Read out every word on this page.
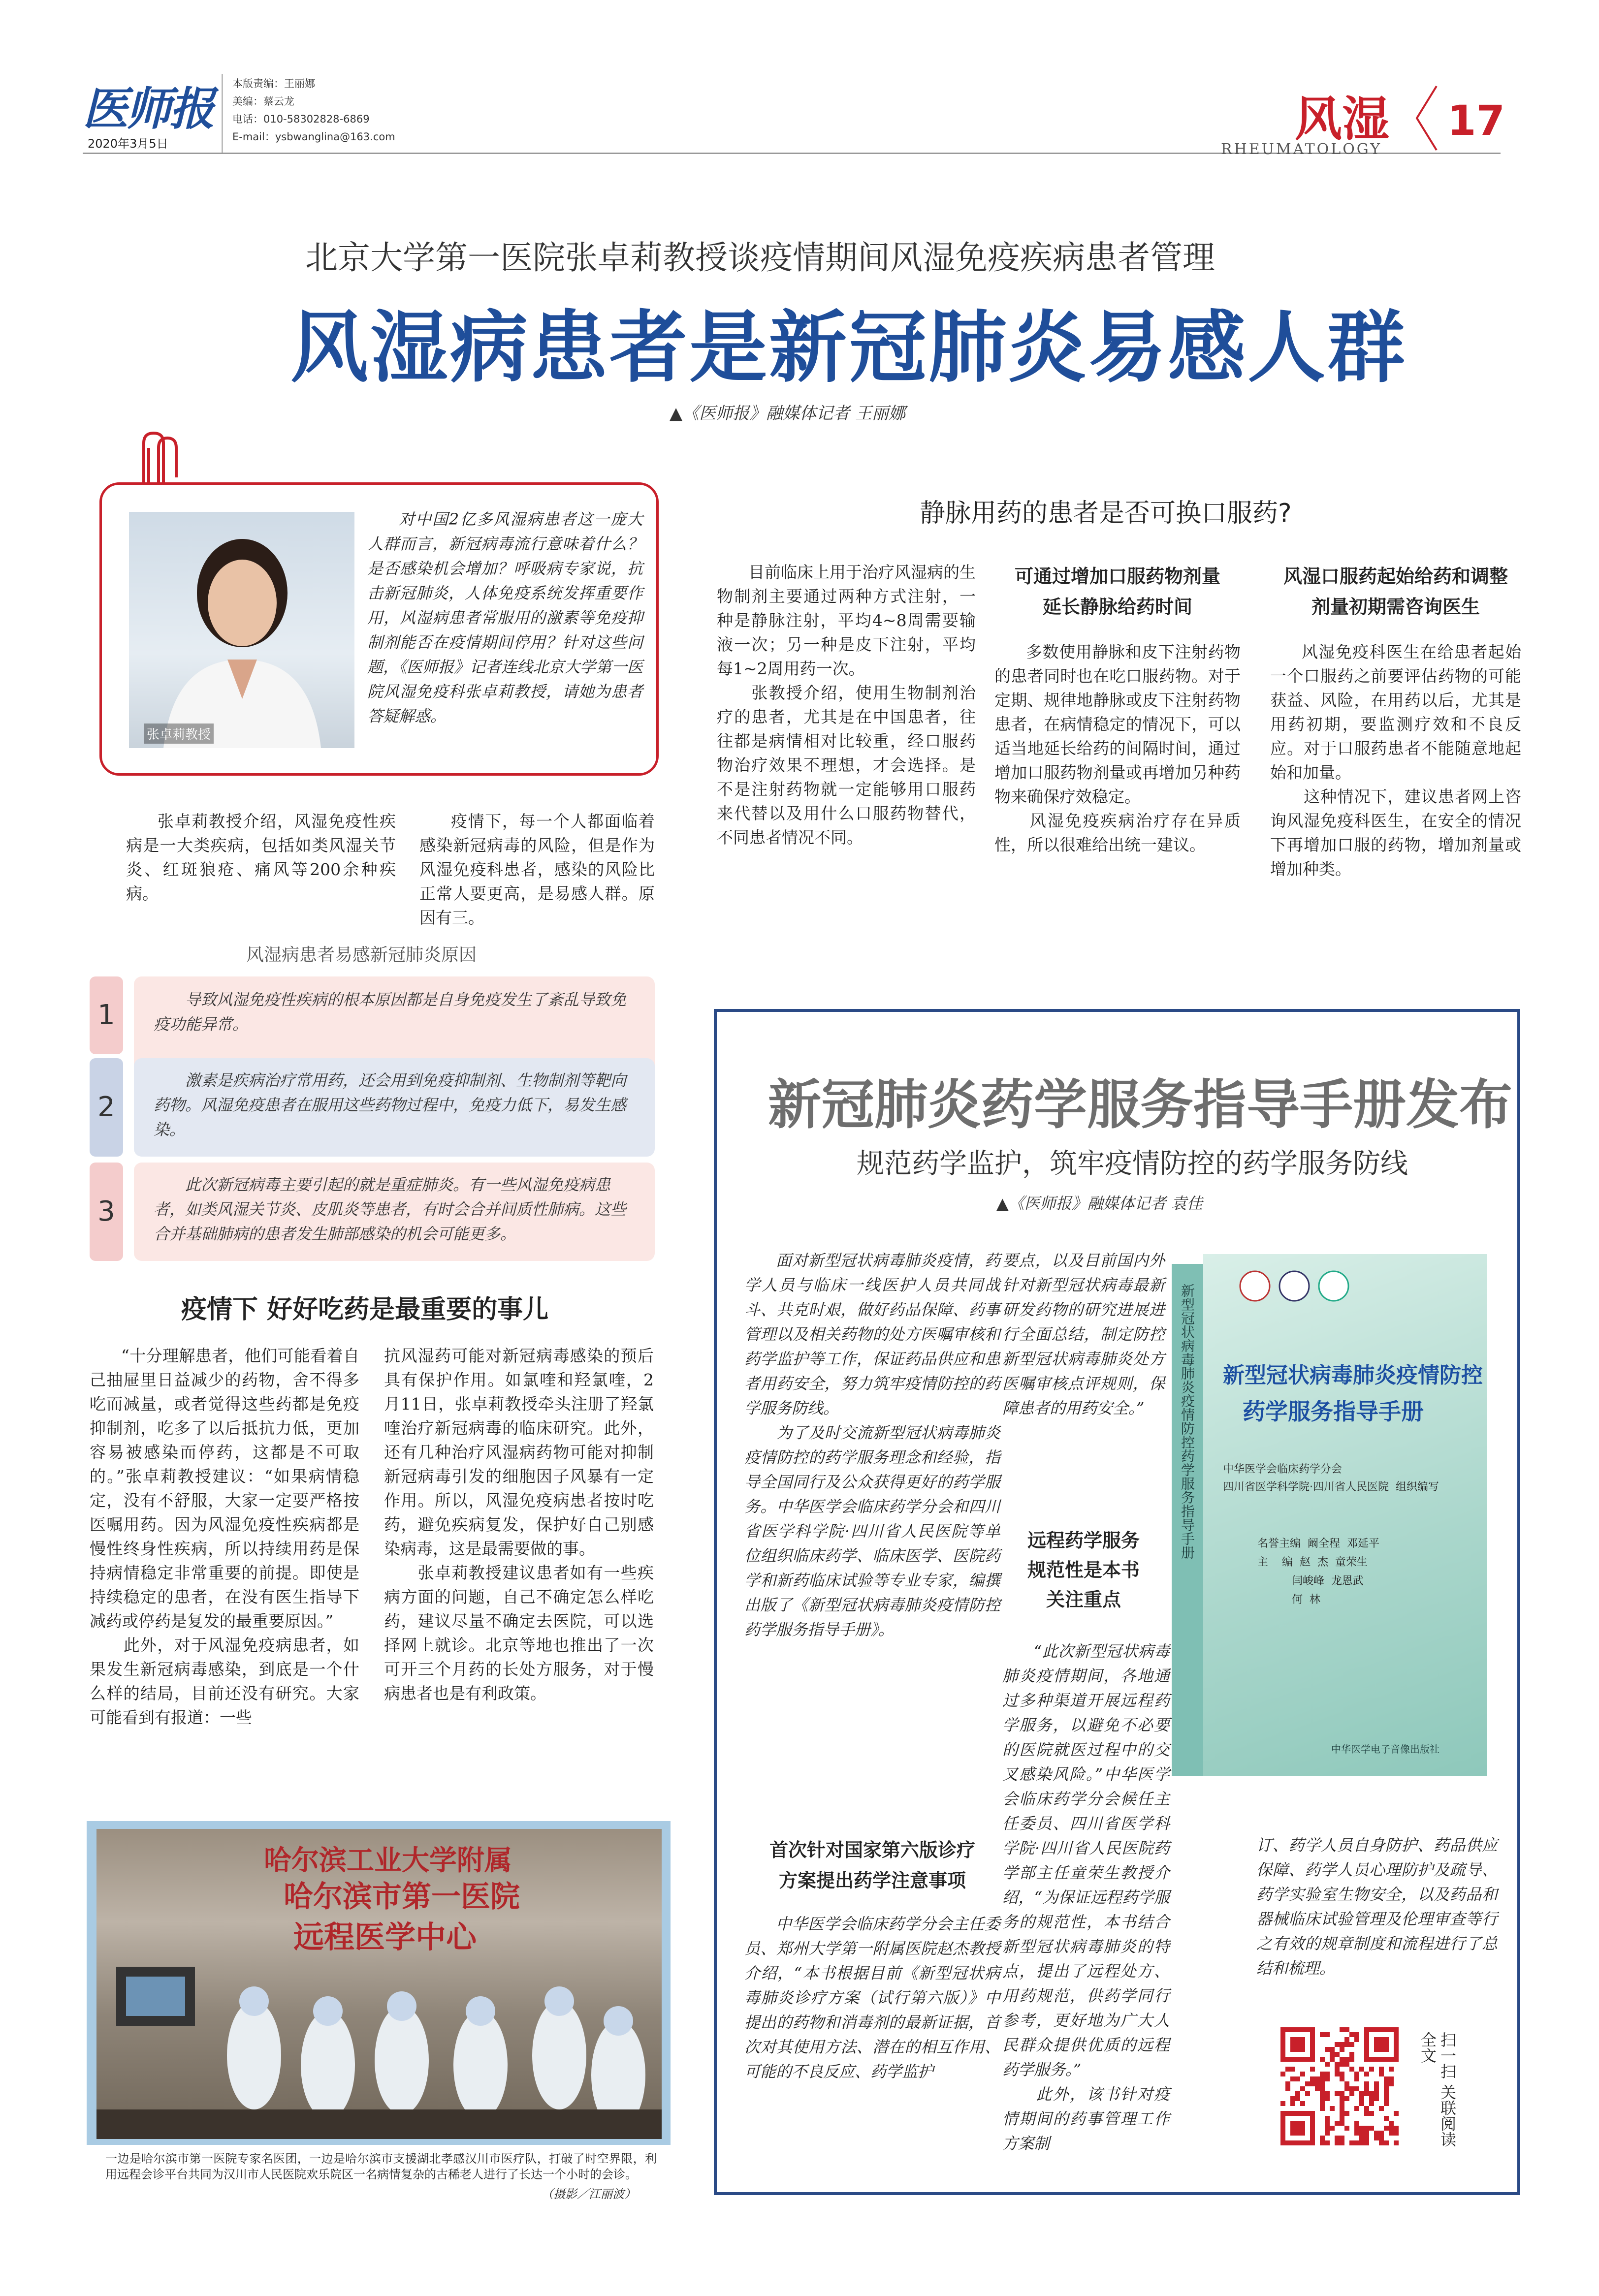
医师报
2020年3月5日
本版责编：王丽娜
美编：蔡云龙
电话：010-58302828-6869
E-mail：ysbwanglina@163.com	风湿
RHEUMATOLOGY
17
北京大学第一医院张卓莉教授谈疫情期间风湿免疫疾病患者管理
风湿病患者是新冠肺炎易感人群
▲《医师报》融媒体记者 王丽娜
张卓莉教授
对中国2亿多风湿病患者这一庞大人群而言，新冠病毒流行意味着什么？是否感染机会增加？呼吸病专家说，抗击新冠肺炎，人体免疫系统发挥重要作用，风湿病患者常服用的激素等免疫抑制剂能否在疫情期间停用？针对这些问题，《医师报》记者连线北京大学第一医院风湿免疫科张卓莉教授，请她为患者答疑解惑。
张卓莉教授介绍，风湿免疫性疾病是一大类疾病，包括如类风湿关节炎、红斑狼疮、痛风等200余种疾病。
疫情下，每一个人都面临着感染新冠病毒的风险，但是作为风湿免疫科患者，感染的风险比正常人要更高，是易感人群。原因有三。
风湿病患者易感新冠肺炎原因
1	导致风湿免疫性疾病的根本原因都是自身免疫发生了紊乱导致免疫功能异常。
2
激素是疾病治疗常用药，还会用到免疫抑制剂、生物制剂等靶向药物。风湿免疫患者在服用这些药物过程中，免疫力低下，易发生感染。
3
此次新冠病毒主要引起的就是重症肺炎。有一些风湿免疫病患者，如类风湿关节炎、皮肌炎等患者，有时会合并间质性肺病。这些合并基础肺病的患者发生肺部感染的机会可能更多。
疫情下 好好吃药是最重要的事儿
“十分理解患者，他们可能看着自己抽屉里日益减少的药物，舍不得多吃而减量，或者觉得这些药都是免疫抑制剂，吃多了以后抵抗力低，更加容易被感染而停药，这都是不可取的。”张卓莉教授建议：“如果病情稳定，没有不舒服，大家一定要严格按医嘱用药。因为风湿免疫性疾病都是慢性终身性疾病，所以持续用药是保持病情稳定非常重要的前提。即使是持续稳定的患者，在没有医生指导下减药或停药是复发的最重要原因。”
　　此外，对于风湿免疫病患者，如果发生新冠病毒感染，到底是一个什么样的结局，目前还没有研究。大家可能看到有报道：一些
抗风湿药可能对新冠病毒感染的预后具有保护作用。如氯喹和羟氯喹，2月11日，张卓莉教授牵头注册了羟氯喹治疗新冠病毒的临床研究。此外，还有几种治疗风湿病药物可能对抑制新冠病毒引发的细胞因子风暴有一定作用。所以，风湿免疫病患者按时吃药，避免疾病复发，保护好自己别感染病毒，这是最需要做的事。
　　张卓莉教授建议患者如有一些疾病方面的问题，自己不确定怎么样吃药，建议尽量不确定去医院，可以选择网上就诊。北京等地也推出了一次可开三个月药的长处方服务，对于慢病患者也是有利政策。
哈尔滨工业大学附属
哈尔滨市第一医院
远程医学中心
一边是哈尔滨市第一医院专家名医团，一边是哈尔滨市支援湖北孝感汉川市医疗队，打破了时空界限，利用远程会诊平台共同为汉川市人民医院欢乐院区一名病情复杂的古稀老人进行了长达一个小时的会诊。
（摄影／江丽波）
静脉用药的患者是否可换口服药?
目前临床上用于治疗风湿病的生物制剂主要通过两种方式注射，一种是静脉注射，平均4~8周需要输液一次；另一种是皮下注射，平均每1~2周用药一次。
　　张教授介绍，使用生物制剂治疗的患者，尤其是在中国患者，往往都是病情相对比较重，经口服药物治疗效果不理想，才会选择。是不是注射药物就一定能够用口服药来代替以及用什么口服药物替代，不同患者情况不同。
可通过增加口服药物剂量
延长静脉给药时间
多数使用静脉和皮下注射药物的患者同时也在吃口服药物。对于定期、规律地静脉或皮下注射药物患者，在病情稳定的情况下，可以适当地延长给药的间隔时间，通过增加口服药物剂量或再增加另种药物来确保疗效稳定。
　　风湿免疫疾病治疗存在异质性，所以很难给出统一建议。
风湿口服药起始给药和调整
剂量初期需咨询医生
风湿免疫科医生在给患者起始一个口服药之前要评估药物的可能获益、风险，在用药以后，尤其是用药初期，要监测疗效和不良反应。对于口服药患者不能随意地起始和加量。
　　这种情况下，建议患者网上咨询风湿免疫科医生，在安全的情况下再增加口服的药物，增加剂量或增加种类。
新冠肺炎药学服务指导手册发布
规范药学监护，筑牢疫情防控的药学服务防线
▲《医师报》融媒体记者 袁佳
面对新型冠状病毒肺炎疫情，药学人员与临床一线医护人员共同战斗、共克时艰，做好药品保障、药事管理以及相关药物的处方医嘱审核和药学监护等工作，保证药品供应和患者用药安全，努力筑牢疫情防控的药学服务防线。
　　为了及时交流新型冠状病毒肺炎疫情防控的药学服务理念和经验，指导全国同行及公众获得更好的药学服务。中华医学会临床药学分会和四川省医学科学院·四川省人民医院等单位组织临床药学、临床医学、医院药学和新药临床试验等专业专家，编撰出版了《新型冠状病毒肺炎疫情防控药学服务指导手册》。
首次针对国家第六版诊疗
方案提出药学注意事项
中华医学会临床药学分会主任委员、郑州大学第一附属医院赵杰教授介绍，“本书根据目前《新型冠状病毒肺炎诊疗方案（试行第六版）》中提出的药物和消毒剂的最新证据，首次对其使用方法、潜在的相互作用、可能的不良反应、药学监护
要点，以及目前国内外针对新型冠状病毒最新研发药物的研究进展进行全面总结，制定防控新型冠状病毒肺炎处方医嘱审核点评规则，保障患者的用药安全。”
远程药学服务
规范性是本书
关注重点
“此次新型冠状病毒肺炎疫情期间，各地通过多种渠道开展远程药学服务，以避免不必要的医院就医过程中的交叉感染风险。”中华医学会临床药学分会候任主任委员、四川省医学科学院·四川省人民医院药学部主任童荣生教授介绍，“为保证远程药学服务的规范性，本书结合新型冠状病毒肺炎的特点，提出了远程处方、用药规范，供药学同行参考，更好地为广大人民群众提供优质的远程药学服务。”
　　此外，该书针对疫情期间的药事管理工作方案制
新型冠状病毒肺炎疫情防控药学服务指导手册 新型冠状病毒肺炎疫情防控
药学服务指导手册
中华医学会临床药学分会
四川省医学科学院·四川省人民医院  组织编写
名誉主编  阚全程  邓延平
主    编  赵  杰  童荣生
闫峻峰  龙恩武
何  林
中华医学电子音像出版社
订、药学人员自身防护、药品供应保障、药学人员心理防护及疏导、药学实验室生物安全，以及药品和器械临床试验管理及伦理审查等行之有效的规章制度和流程进行了总结和梳理。
扫一扫 关联阅读全文
